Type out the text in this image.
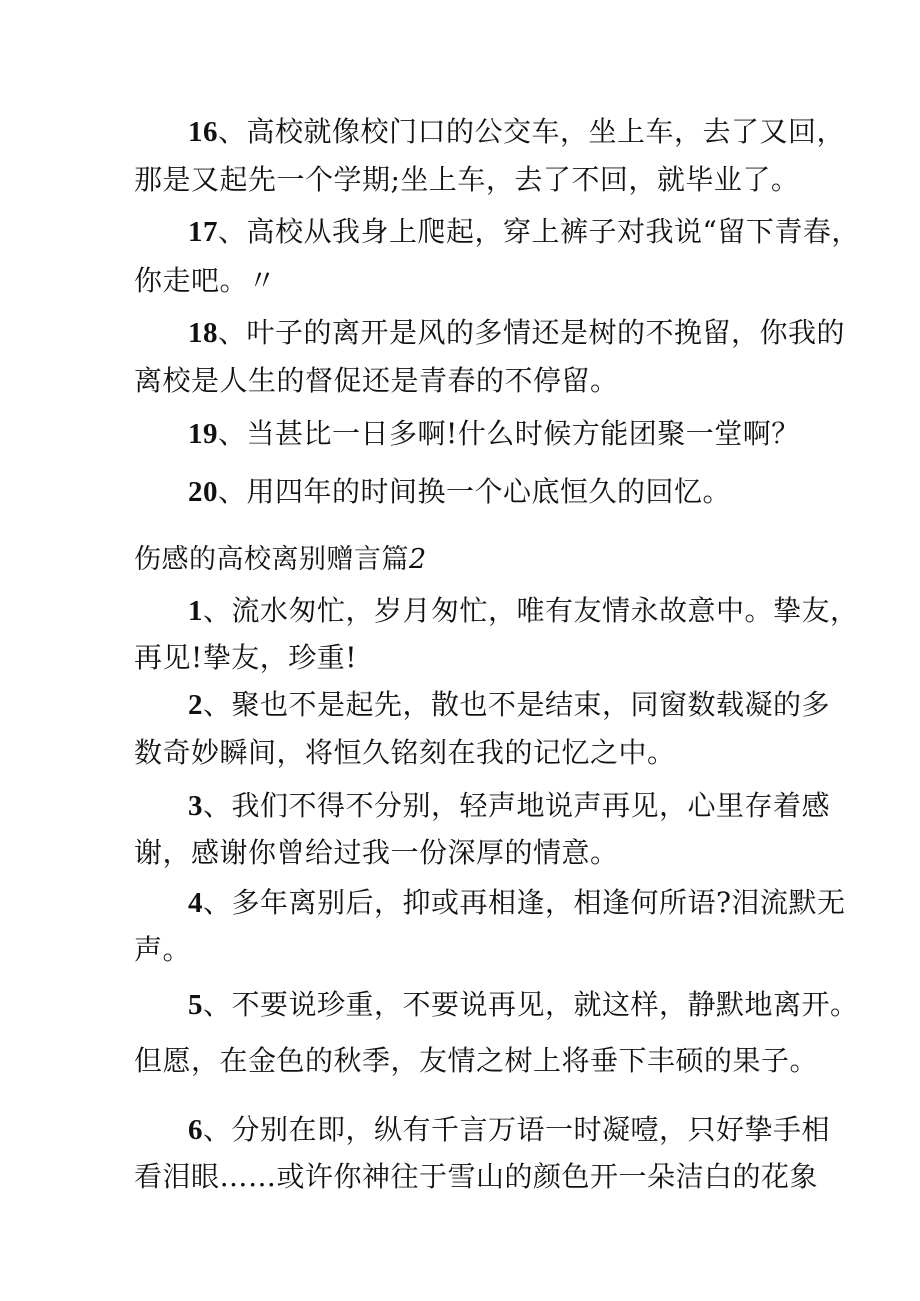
16、高校就像校门口的公交车，坐上车，去了又回，
那是又起先一个学期;坐上车，去了不回，就毕业了。
17、高校从我身上爬起，穿上裤子对我说“留下青春，
你走吧。〃
18、叶子的离开是风的多情还是树的不挽留，你我的
离校是人生的督促还是青春的不停留。
19、当甚比一日多啊!什么时候方能团聚一堂啊？
20、用四年的时间换一个心底恒久的回忆。
伤感的高校离别赠言篇2
1、流水匆忙，岁月匆忙，唯有友情永故意中。挚友，
再见!挚友，珍重!
2、聚也不是起先，散也不是结束，同窗数载凝的多
数奇妙瞬间，将恒久铭刻在我的记忆之中。
3、我们不得不分别，轻声地说声再见，心里存着感
谢，感谢你曾给过我一份深厚的情意。
4、多年离别后，抑或再相逢，相逢何所语?泪流默无
声。
5、不要说珍重，不要说再见，就这样，静默地离开。
但愿，在金色的秋季，友情之树上将垂下丰硕的果子。
6、分别在即，纵有千言万语一时凝噎，只好挚手相
看泪眼……或许你神往于雪山的颜色开一朵洁白的花象
